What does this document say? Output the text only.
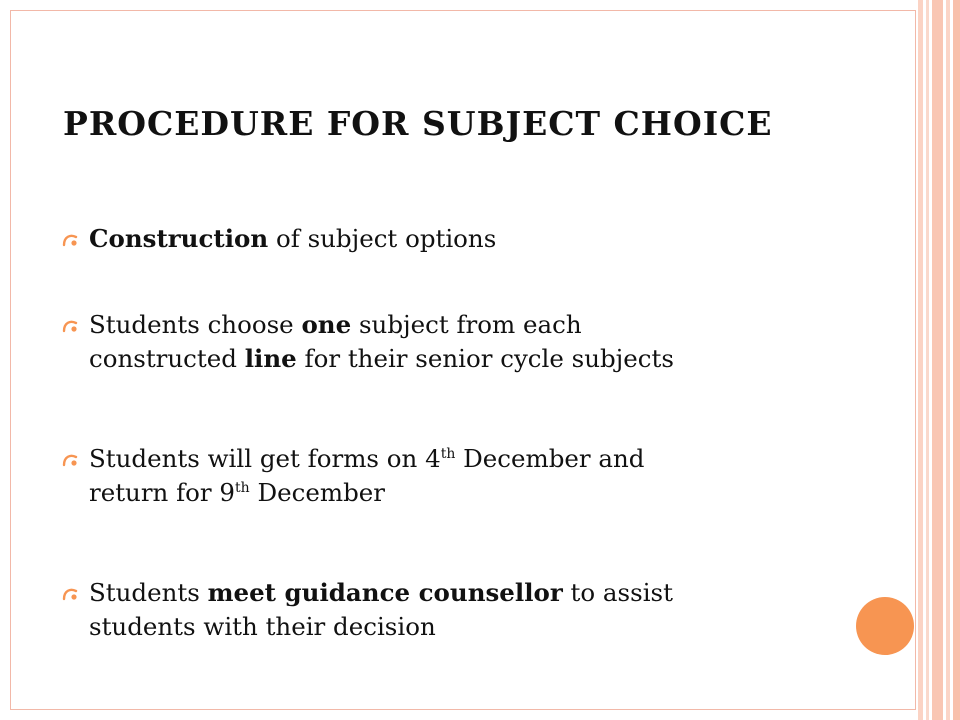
PROCEDURE FOR SUBJECT CHOICE
Construction of subject options
Students choose one subject from each
constructed line for their senior cycle subjects
Students will get forms on 4th December and
return for 9th December
Students meet guidance counsellor to assist
students with their decision
